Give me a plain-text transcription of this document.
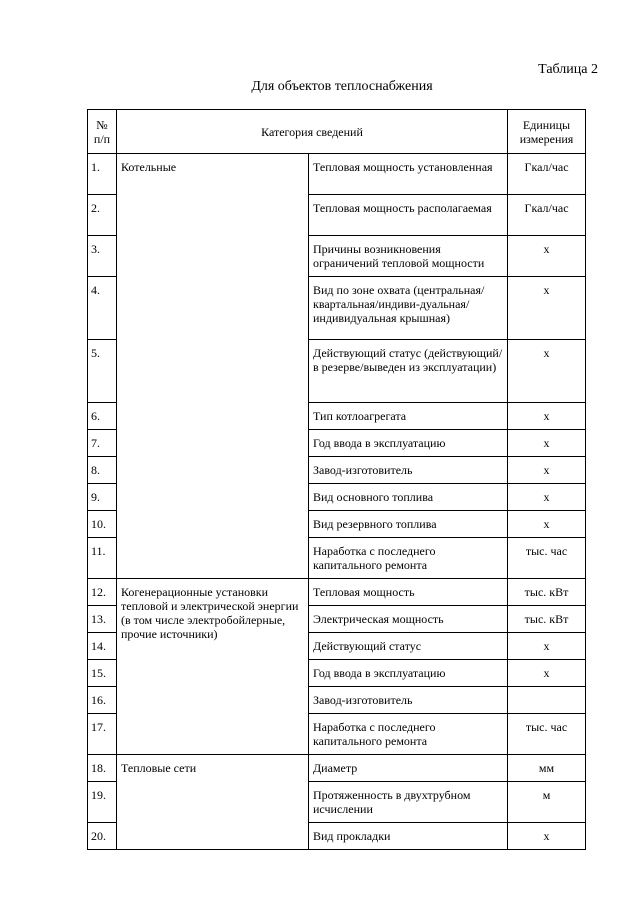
Таблица 2
Для объектов теплоснабжения
№ п/п	Категория сведений		Единицы измерения
1.	Котельные	Тепловая мощность установленная	Гкал/час
2.		Тепловая мощность располагаемая	Гкал/час
3.		Причины возникновения ограничений тепловой мощности	х
4.		Вид по зоне охвата (центральная/квартальная/индиви-дуальная/индивидуальная крышная)	х
5.		Действующий статус (действующий/в резерве/выведен из эксплуатации)	х
6.		Тип котлоагрегата	х
7.		Год ввода в эксплуатацию	х
8.		Завод-изготовитель	х
9.		Вид основного топлива	х
10.		Вид резервного топлива	х
11.		Наработка с последнего капитального ремонта	тыс. час
12.	Когенерационные установки тепловой и электрической энергии (в том числе электробойлерные, прочие источники)	Тепловая мощность	тыс. кВт
13.		Электрическая мощность	тыс. кВт
14.		Действующий статус	х
15.		Год ввода в эксплуатацию	х
16.		Завод-изготовитель	
17.		Наработка с последнего капитального ремонта	тыс. час
18.	Тепловые сети	Диаметр	мм
19.		Протяженность в двухтрубном исчислении	м
20.		Вид прокладки	х
